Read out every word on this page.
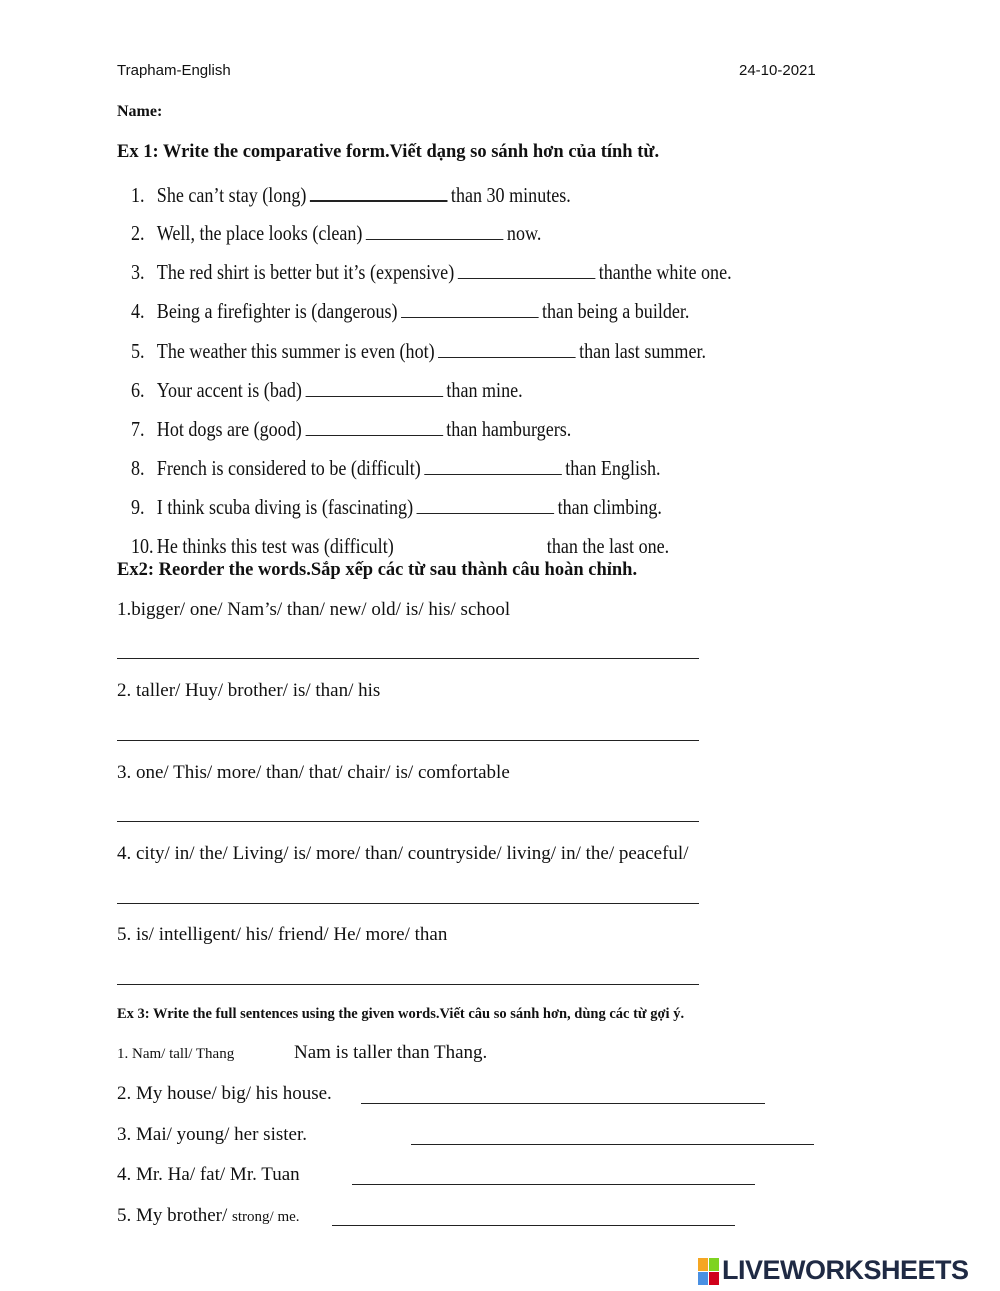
Trapham-English	24-10-2021
Name:
Ex 1: Write the comparative form.Viết dạng so sánh hơn của tính từ.
1. She can’t stay (long)	than 30 minutes.
2. Well, the place looks (clean)	now.
3. The red shirt is better but it’s (expensive)	thanthe white one.
4. Being a firefighter is (dangerous)	than being a builder.
5. The weather this summer is even (hot)	than last summer.
6. Your accent is (bad)	than mine.
7. Hot dogs are (good)	than hamburgers.
8. French is considered to be (difficult)	than English.
9. I think scuba diving is (fascinating)	than climbing.
10. He thinks this test was (difficult)	than the last one.
Ex2: Reorder the words.Sắp xếp các từ sau thành câu hoàn chỉnh.
1.bigger/ one/ Nam’s/ than/ new/ old/ is/ his/ school
2. taller/ Huy/ brother/ is/ than/ his
3. one/ This/ more/ than/ that/ chair/ is/ comfortable
4. city/ in/ the/ Living/ is/ more/ than/ countryside/ living/ in/ the/ peaceful/
5. is/ intelligent/ his/ friend/ He/ more/ than
Ex 3: Write the full sentences using the given words.Viết câu so sánh hơn, dùng các từ gợi ý.
1. Nam/ tall/ Thang	Nam is taller than Thang.
2. My house/ big/ his house.
3. Mai/ young/ her sister.
4. Mr. Ha/ fat/ Mr. Tuan
5. My brother/ strong/ me.
LIVEWORKSHEETS
